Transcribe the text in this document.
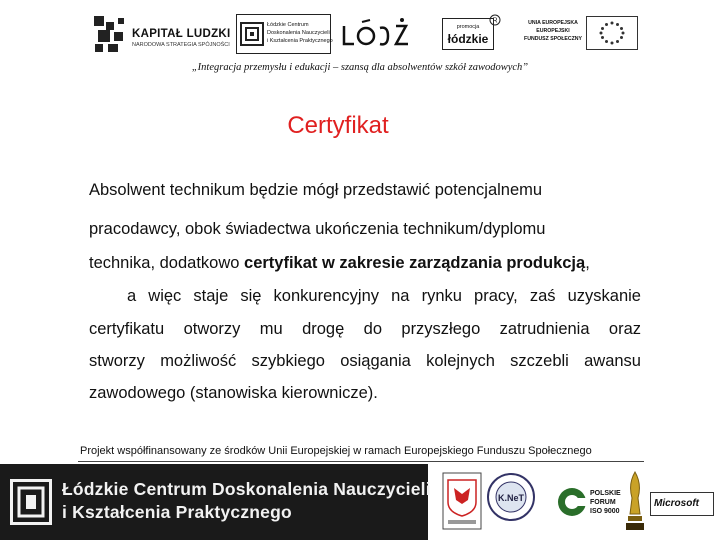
KAPITAŁ LUDZKI
NARODOWA STRATEGIA SPÓJNOŚCI
Łódzkie Centrum
Doskonalenia Nauczycieli
i Kształcenia Praktycznego
promocja
łódzkie
R	UNIA EUROPEJSKA
EUROPEJSKI
FUNDUSZ SPOŁECZNY
„Integracja przemysłu i edukacji – szansą dla absolwentów szkół zawodowych”
Certyfikat
Absolwent technikum będzie mógł przedstawić potencjalnemu
pracodawcy, obok świadectwa ukończenia technikum/dyplomu
technika, dodatkowo certyfikat w zakresie zarządzania produkcją,
a więc staje się konkurencyjny na rynku pracy, zaś uzyskanie
certyfikatu otworzy mu drogę do przyszłego zatrudnienia oraz
stworzy możliwość szybkiego osiągania kolejnych szczebli awansu
zawodowego (stanowiska kierownicze).
Projekt współfinansowany ze środków Unii Europejskiej w ramach Europejskiego Funduszu Społecznego
Łódzkie Centrum Doskonalenia Nauczycieli
i Kształcenia Praktycznego
K.NeT	POLSKIE
FORUM
ISO 9000
Microsoft
